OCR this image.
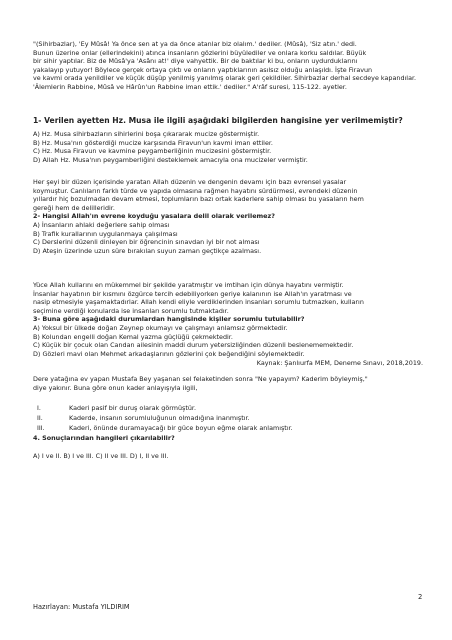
"(Sihirbazlar), 'Ey Mûsâ! Ya önce sen at ya da önce atanlar biz olalım.' dediler. (Mûsâ), 'Siz atın.' dedi.
Bunun üzerine onlar (ellerindekini) atınca insanların gözlerini büyülediler ve onlara korku saldılar. Büyük
bir sihir yaptılar. Biz de Mûsâ'ya 'Asânı at!' diye vahyettik. Bir de baktılar ki bu, onların uydurduklarını
yakalayıp yutuyor! Böylece gerçek ortaya çıktı ve onların yaptıklarının asılsız olduğu anlaşıldı. İşte Firavun
ve kavmi orada yenildiler ve küçük düşüp yenilmiş yanılmış olarak geri çekildiler. Sihirbazlar derhal secdeye kapandılar.
'Âlemlerin Rabbine, Mûsâ ve Hârûn'un Rabbine iman ettik.' dediler." A'râf suresi, 115-122. ayetler.

1- Verilen ayetten Hz. Musa ile ilgili aşağıdaki bilgilerden hangisine yer verilmemiştir?

A) Hz. Musa sihirbazların sihirlerini boşa çıkararak mucize göstermiştir.
B) Hz. Musa'nın gösterdiği mucize karşısında Firavun'un kavmi iman ettiler.
C) Hz. Musa Firavun ve kavmine peygamberliğinin mucizesini göstermiştir.
D) Allah Hz. Musa'nın peygamberliğini desteklemek amacıyla ona mucizeler vermiştir.
Her şeyi bir düzen içerisinde yaratan Allah düzenin ve dengenin devamı için bazı evrensel yasalar
koymuştur. Canlıların farklı türde ve yapıda olmasına rağmen hayatını sürdürmesi, evrendeki düzenin
yıllardır hiç bozulmadan devam etmesi, toplumların bazı ortak kaderlere sahip olması bu yasaların hem
gereği hem de delilleridir.
2- Hangisi Allah'ın evrene koyduğu yasalara delil olarak verilemez?
A) İnsanların ahlaki değerlere sahip olması
B) Trafik kurallarının uygulanmaya çalışılması
C) Derslerini düzenli dinleyen bir öğrencinin sınavdan iyi bir not alması
D) Ateşin üzerinde uzun süre bırakılan suyun zaman geçtikçe azalması.
Yüce Allah kullarını en mükemmel bir şekilde yaratmıştır ve imtihan için dünya hayatını vermiştir.
İnsanlar hayatının bir kısmını özgürce tercih edebiliyorken geriye kalanının ise Allah'ın yaratması ve
nasip etmesiyle yaşamaktadırlar. Allah kendi eliyle verdiklerinden insanları sorumlu tutmazken, kulların
seçimine verdiği konularda ise insanları sorumlu tutmaktadır.
3- Buna göre aşağıdaki durumlardan hangisinde kişiler sorumlu tutulabilir?
A) Yoksul bir ülkede doğan Zeynep okumayı ve çalışmayı anlamsız görmektedir.
B) Kolundan engelli doğan Kemal yazma güçlüğü çekmektedir.
C) Küçük bir çocuk olan Candan ailesinin maddi durum yetersizliğinden düzenli beslenememektedir.
D) Gözleri mavi olan Mehmet arkadaşlarının gözlerini çok beğendiğini söylemektedir.

Kaynak: Şanlıurfa MEM, Deneme Sınavı, 2018,2019.

Dere yatağına ev yapan Mustafa Bey yaşanan sel felaketinden sonra "Ne yapayım? Kaderim böyleymiş,"
diye yakınır. Buna göre onun kader anlayışıyla ilgili,
I.	Kaderi pasif bir duruş olarak görmüştür.
II.	Kaderde, insanın sorumluluğunun olmadığına inanmıştır.
III.	Kaderi, önünde duramayacağı bir güce boyun eğme olarak anlamıştır.
4. Sonuçlarından hangileri çıkarılabilir?
A) I ve II. B) I ve III. C) II ve III. D) I, II ve III.

2

Hazırlayan: Mustafa YILDIRIM
